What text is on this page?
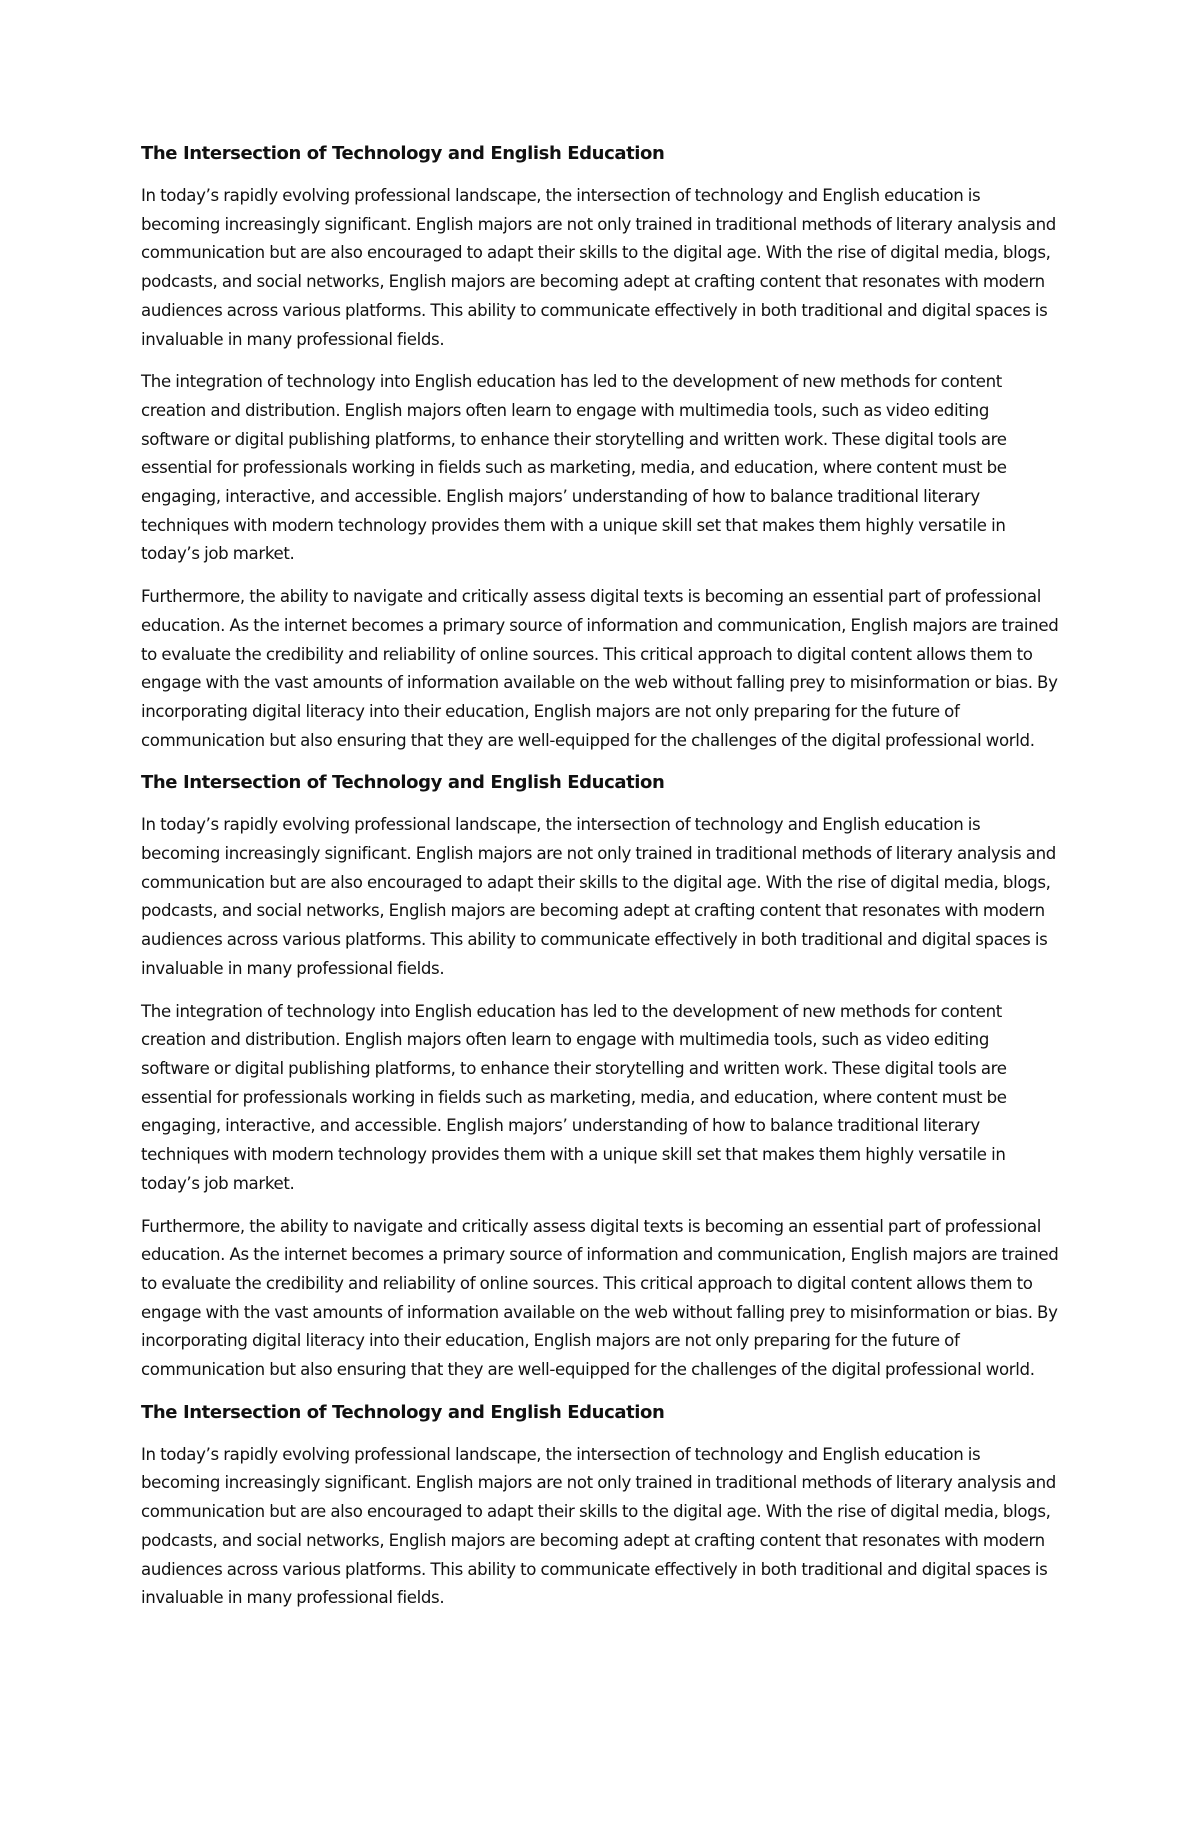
The Intersection of Technology and English Education

In today’s rapidly evolving professional landscape, the intersection of technology and English education is becoming increasingly significant. English majors are not only trained in traditional methods of literary analysis and communication but are also encouraged to adapt their skills to the digital age. With the rise of digital media, blogs, podcasts, and social networks, English majors are becoming adept at crafting content that resonates with modern audiences across various platforms. This ability to communicate effectively in both traditional and digital spaces is invaluable in many professional fields.

The integration of technology into English education has led to the development of new methods for content creation and distribution. English majors often learn to engage with multimedia tools, such as video editing software or digital publishing platforms, to enhance their storytelling and written work. These digital tools are essential for professionals working in fields such as marketing, media, and education, where content must be engaging, interactive, and accessible. English majors’ understanding of how to balance traditional literary techniques with modern technology provides them with a unique skill set that makes them highly versatile in today’s job market.

Furthermore, the ability to navigate and critically assess digital texts is becoming an essential part of professional education. As the internet becomes a primary source of information and communication, English majors are trained to evaluate the credibility and reliability of online sources. This critical approach to digital content allows them to engage with the vast amounts of information available on the web without falling prey to misinformation or bias. By incorporating digital literacy into their education, English majors are not only preparing for the future of communication but also ensuring that they are well-equipped for the challenges of the digital professional world.

The Intersection of Technology and English Education

In today’s rapidly evolving professional landscape, the intersection of technology and English education is becoming increasingly significant. English majors are not only trained in traditional methods of literary analysis and communication but are also encouraged to adapt their skills to the digital age. With the rise of digital media, blogs, podcasts, and social networks, English majors are becoming adept at crafting content that resonates with modern audiences across various platforms. This ability to communicate effectively in both traditional and digital spaces is invaluable in many professional fields.

The integration of technology into English education has led to the development of new methods for content creation and distribution. English majors often learn to engage with multimedia tools, such as video editing software or digital publishing platforms, to enhance their storytelling and written work. These digital tools are essential for professionals working in fields such as marketing, media, and education, where content must be engaging, interactive, and accessible. English majors’ understanding of how to balance traditional literary techniques with modern technology provides them with a unique skill set that makes them highly versatile in today’s job market.

Furthermore, the ability to navigate and critically assess digital texts is becoming an essential part of professional education. As the internet becomes a primary source of information and communication, English majors are trained to evaluate the credibility and reliability of online sources. This critical approach to digital content allows them to engage with the vast amounts of information available on the web without falling prey to misinformation or bias. By incorporating digital literacy into their education, English majors are not only preparing for the future of communication but also ensuring that they are well-equipped for the challenges of the digital professional world.

The Intersection of Technology and English Education

In today’s rapidly evolving professional landscape, the intersection of technology and English education is becoming increasingly significant. English majors are not only trained in traditional methods of literary analysis and communication but are also encouraged to adapt their skills to the digital age. With the rise of digital media, blogs, podcasts, and social networks, English majors are becoming adept at crafting content that resonates with modern audiences across various platforms. This ability to communicate effectively in both traditional and digital spaces is invaluable in many professional fields.
